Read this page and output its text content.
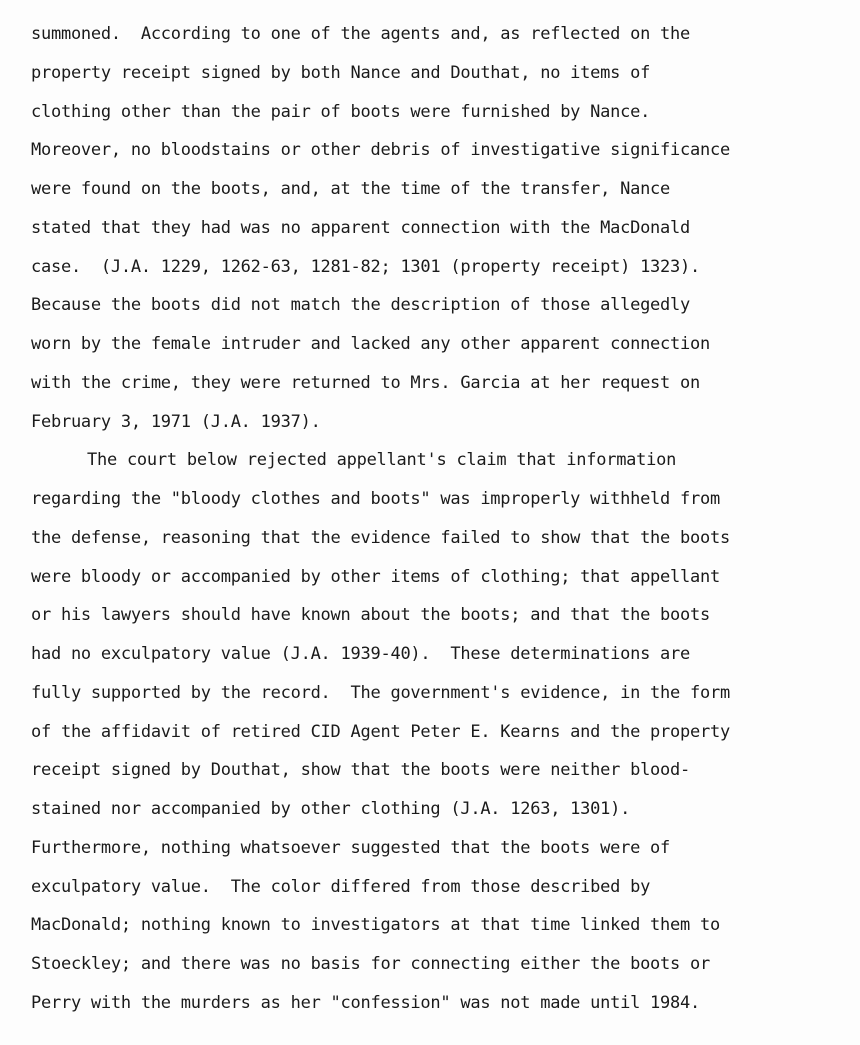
summoned.  According to one of the agents and, as reflected on the
property receipt signed by both Nance and Douthat, no items of
clothing other than the pair of boots were furnished by Nance.
Moreover, no bloodstains or other debris of investigative significance
were found on the boots, and, at the time of the transfer, Nance
stated that they had was no apparent connection with the MacDonald
case.  (J.A. 1229, 1262-63, 1281-82; 1301 (property receipt) 1323).
Because the boots did not match the description of those allegedly
worn by the female intruder and lacked any other apparent connection
with the crime, they were returned to Mrs. Garcia at her request on
February 3, 1971 (J.A. 1937).
The court below rejected appellant's claim that information
regarding the "bloody clothes and boots" was improperly withheld from
the defense, reasoning that the evidence failed to show that the boots
were bloody or accompanied by other items of clothing; that appellant
or his lawyers should have known about the boots; and that the boots
had no exculpatory value (J.A. 1939-40).  These determinations are
fully supported by the record.  The government's evidence, in the form
of the affidavit of retired CID Agent Peter E. Kearns and the property
receipt signed by Douthat, show that the boots were neither blood-
stained nor accompanied by other clothing (J.A. 1263, 1301).
Furthermore, nothing whatsoever suggested that the boots were of
exculpatory value.  The color differed from those described by
MacDonald; nothing known to investigators at that time linked them to
Stoeckley; and there was no basis for connecting either the boots or
Perry with the murders as her "confession" was not made until 1984.
